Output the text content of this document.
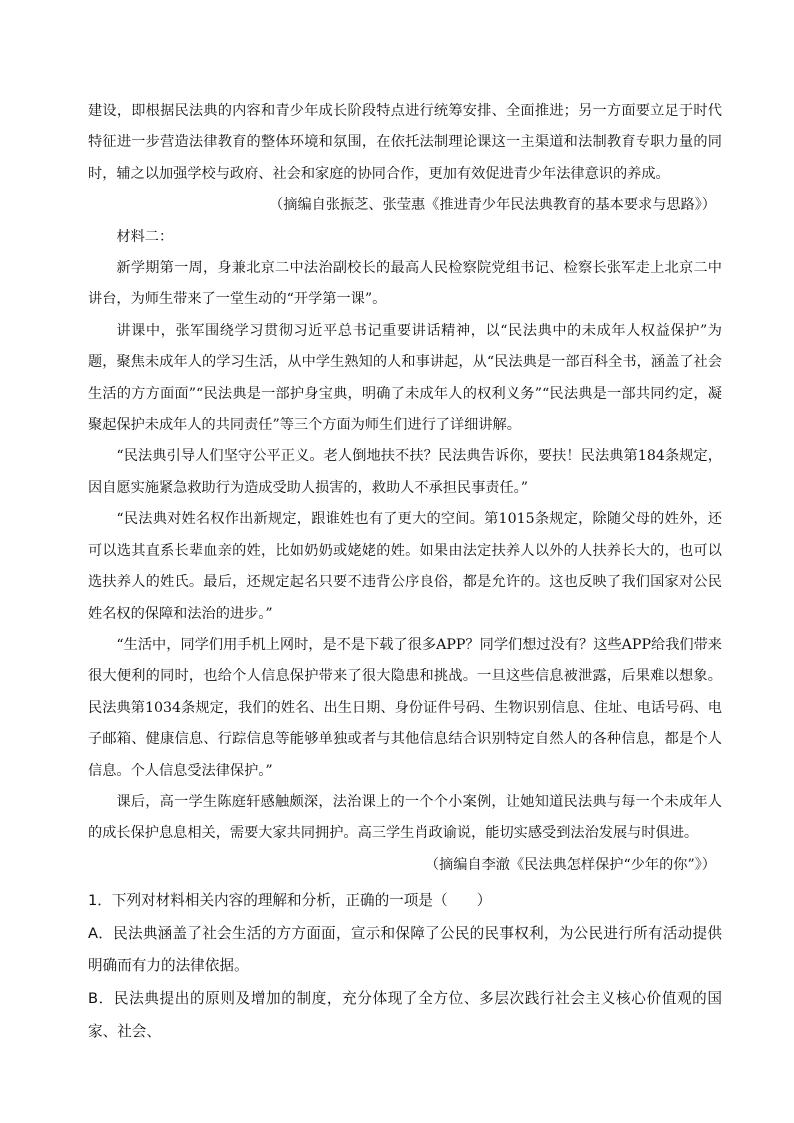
建设，即根据民法典的内容和青少年成长阶段特点进行统筹安排、全面推进；另一方面要立足于时代特征进一步营造法律教育的整体环境和氛围，在依托法制理论课这一主渠道和法制教育专职力量的同时，辅之以加强学校与政府、社会和家庭的协同合作，更加有效促进青少年法律意识的养成。

（摘编自张振芝、张莹惠《推进青少年民法典教育的基本要求与思路》）

材料二：

新学期第一周，身兼北京二中法治副校长的最高人民检察院党组书记、检察长张军走上北京二中讲台，为师生带来了一堂生动的“开学第一课”。

讲课中，张军围绕学习贯彻习近平总书记重要讲话精神，以“民法典中的未成年人权益保护”为题，聚焦未成年人的学习生活，从中学生熟知的人和事讲起，从“民法典是一部百科全书，涵盖了社会生活的方方面面”“民法典是一部护身宝典，明确了未成年人的权利义务”“民法典是一部共同约定，凝聚起保护未成年人的共同责任”等三个方面为师生们进行了详细讲解。

“民法典引导人们坚守公平正义。老人倒地扶不扶？民法典告诉你，要扶！民法典第184条规定，因自愿实施紧急救助行为造成受助人损害的，救助人不承担民事责任。”

“民法典对姓名权作出新规定，跟谁姓也有了更大的空间。第1015条规定，除随父母的姓外，还可以选其直系长辈血亲的姓，比如奶奶或姥姥的姓。如果由法定扶养人以外的人扶养长大的，也可以选扶养人的姓氏。最后，还规定起名只要不违背公序良俗，都是允许的。这也反映了我们国家对公民姓名权的保障和法治的进步。”

“生活中，同学们用手机上网时，是不是下载了很多APP？同学们想过没有？这些APP给我们带来很大便利的同时，也给个人信息保护带来了很大隐患和挑战。一旦这些信息被泄露，后果难以想象。民法典第1034条规定，我们的姓名、出生日期、身份证件号码、生物识别信息、住址、电话号码、电子邮箱、健康信息、行踪信息等能够单独或者与其他信息结合识别特定自然人的各种信息，都是个人信息。个人信息受法律保护。”

课后，高一学生陈庭轩感触颇深，法治课上的一个个小案例，让她知道民法典与每一个未成年人的成长保护息息相关，需要大家共同拥护。高三学生肖政谕说，能切实感受到法治发展与时俱进。

（摘编自李澈《民法典怎样保护“少年的你”》）

1．下列对材料相关内容的理解和分析，正确的一项是（　　）

A．民法典涵盖了社会生活的方方面面，宣示和保障了公民的民事权利，为公民进行所有活动提供明确而有力的法律依据。

B．民法典提出的原则及增加的制度，充分体现了全方位、多层次践行社会主义核心价值观的国家、社会、
